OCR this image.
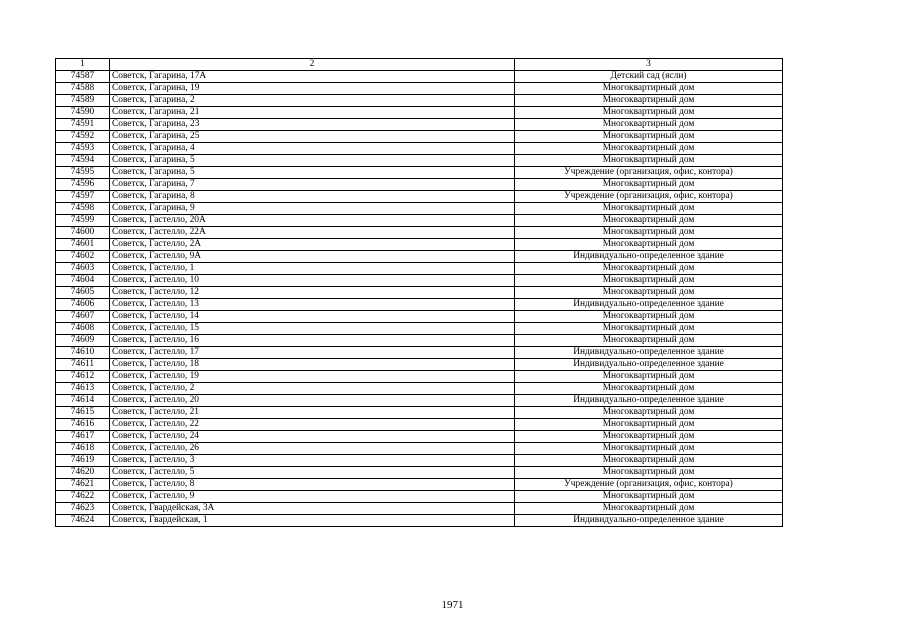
1	2	3
74587	Советск, Гагарина, 17А	Детский сад (ясли)
74588	Советск, Гагарина, 19	Многоквартирный дом
74589	Советск, Гагарина, 2	Многоквартирный дом
74590	Советск, Гагарина, 21	Многоквартирный дом
74591	Советск, Гагарина, 23	Многоквартирный дом
74592	Советск, Гагарина, 25	Многоквартирный дом
74593	Советск, Гагарина, 4	Многоквартирный дом
74594	Советск, Гагарина, 5	Многоквартирный дом
74595	Советск, Гагарина, 5	Учреждение (организация, офис, контора)
74596	Советск, Гагарина, 7	Многоквартирный дом
74597	Советск, Гагарина, 8	Учреждение (организация, офис, контора)
74598	Советск, Гагарина, 9	Многоквартирный дом
74599	Советск, Гастелло, 20А	Многоквартирный дом
74600	Советск, Гастелло, 22А	Многоквартирный дом
74601	Советск, Гастелло, 2А	Многоквартирный дом
74602	Советск, Гастелло, 9А	Индивидуально-определенное здание
74603	Советск, Гастелло, 1	Многоквартирный дом
74604	Советск, Гастелло, 10	Многоквартирный дом
74605	Советск, Гастелло, 12	Многоквартирный дом
74606	Советск, Гастелло, 13	Индивидуально-определенное здание
74607	Советск, Гастелло, 14	Многоквартирный дом
74608	Советск, Гастелло, 15	Многоквартирный дом
74609	Советск, Гастелло, 16	Многоквартирный дом
74610	Советск, Гастелло, 17	Индивидуально-определенное здание
74611	Советск, Гастелло, 18	Индивидуально-определенное здание
74612	Советск, Гастелло, 19	Многоквартирный дом
74613	Советск, Гастелло, 2	Многоквартирный дом
74614	Советск, Гастелло, 20	Индивидуально-определенное здание
74615	Советск, Гастелло, 21	Многоквартирный дом
74616	Советск, Гастелло, 22	Многоквартирный дом
74617	Советск, Гастелло, 24	Многоквартирный дом
74618	Советск, Гастелло, 26	Многоквартирный дом
74619	Советск, Гастелло, 3	Многоквартирный дом
74620	Советск, Гастелло, 5	Многоквартирный дом
74621	Советск, Гастелло, 8	Учреждение (организация, офис, контора)
74622	Советск, Гастелло, 9	Многоквартирный дом
74623	Советск, Гвардейская, 3А	Многоквартирный дом
74624	Советск, Гвардейская, 1	Индивидуально-определенное здание
1971
